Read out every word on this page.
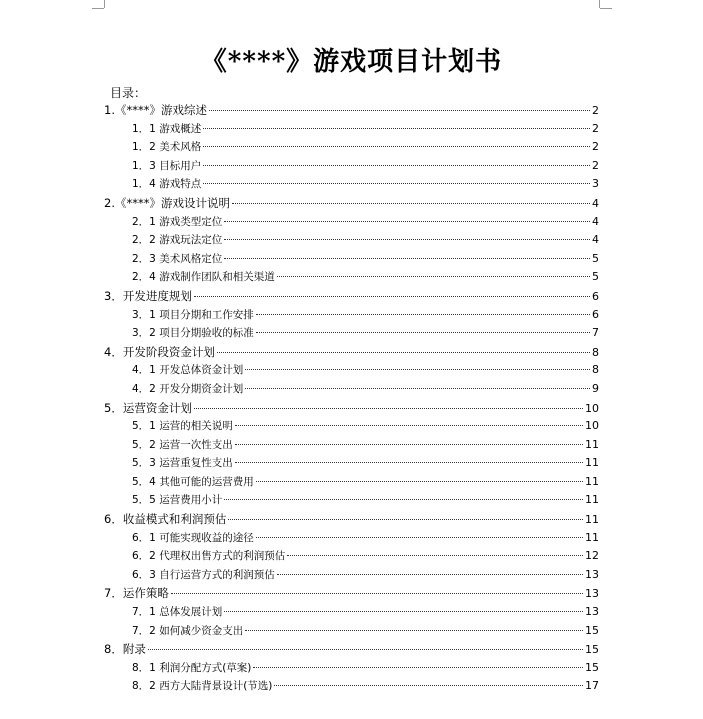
《****》游戏项目计划书

目录：

1.《****》游戏综述	2
1．1 游戏概述	2
1．2 美术风格	2
1．3 目标用户	2
1．4 游戏特点	3
2.《****》游戏设计说明	4
2．1 游戏类型定位	4
2．2 游戏玩法定位	4
2．3 美术风格定位	5
2．4 游戏制作团队和相关渠道	5
3．开发进度规划	6
3．1 项目分期和工作安排	6
3．2 项目分期验收的标准	7
4．开发阶段资金计划	8
4．1 开发总体资金计划	8
4．2 开发分期资金计划	9
5．运营资金计划	10
5．1 运营的相关说明	10
5．2 运营一次性支出	11
5．3 运营重复性支出	11
5．4 其他可能的运营费用	11
5．5 运营费用小计	11
6．收益模式和利润预估	11
6．1 可能实现收益的途径	11
6．2 代理权出售方式的利润预估	12
6．3 自行运营方式的利润预估	13
7．运作策略	13
7．1 总体发展计划	13
7．2 如何减少资金支出	15
8．附录	15
8．1 利润分配方式(草案)	15
8．2 西方大陆背景设计(节选)	17
